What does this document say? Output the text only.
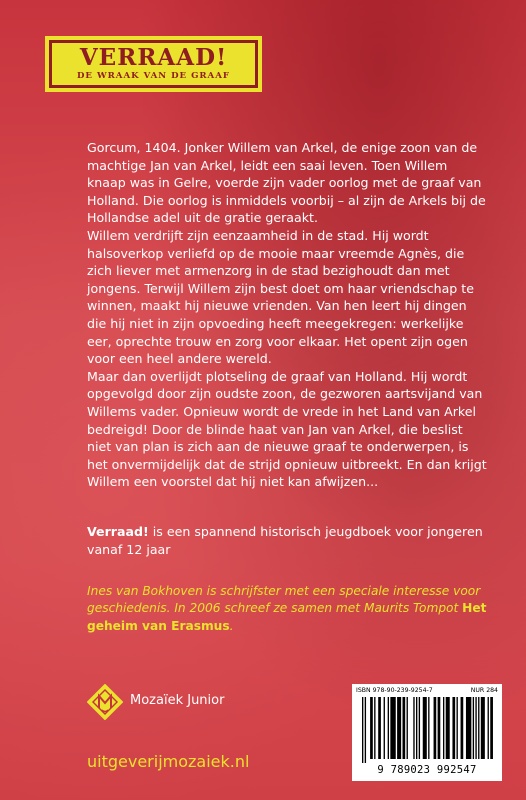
VERRAAD!
DE WRAAK VAN DE GRAAF

Gorcum, 1404. Jonker Willem van Arkel, de enige zoon van de machtige Jan van Arkel, leidt een saai leven. Toen Willem knaap was in Gelre, voerde zijn vader oorlog met de graaf van Holland. Die oorlog is inmiddels voorbij – al zijn de Arkels bij de Hollandse adel uit de gratie geraakt.

Willem verdrijft zijn eenzaamheid in de stad. Hij wordt halsoverkop verliefd op de mooie maar vreemde Agnès, die zich liever met armenzorg in de stad bezighoudt dan met jongens. Terwijl Willem zijn best doet om haar vriendschap te winnen, maakt hij nieuwe vrienden. Van hen leert hij dingen die hij niet in zijn opvoeding heeft meegekregen: werkelijke eer, oprechte trouw en zorg voor elkaar. Het opent zijn ogen voor een heel andere wereld.

Maar dan overlijdt plotseling de graaf van Holland. Hij wordt opgevolgd door zijn oudste zoon, de gezworen aartsvijand van Willems vader. Opnieuw wordt de vrede in het Land van Arkel bedreigd! Door de blinde haat van Jan van Arkel, die beslist niet van plan is zich aan de nieuwe graaf te onderwerpen, is het onvermijdelijk dat de strijd opnieuw uitbreekt. En dan krijgt Willem een voorstel dat hij niet kan afwijzen...

Verraad! is een spannend historisch jeugdboek voor jongeren vanaf 12 jaar
Ines van Bokhoven is schrijfster met een speciale interesse voor geschiedenis. In 2006 schreef ze samen met Maurits Tompot Het geheim van Erasmus.
Mozaïek Junior
uitgeverijmozaiek.nl
ISBN 978-90-239-9254-7	NUR 284
9 789023 992547
